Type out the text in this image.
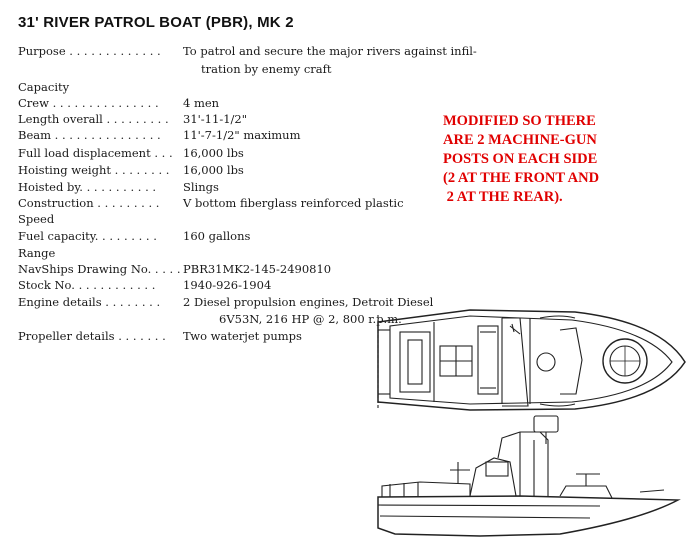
31' RIVER PATROL BOAT (PBR), MK 2
Purpose . . . . . . . . . . . . . To patrol and secure the major rivers against infil-
tration by enemy craft
Capacity
Crew . . . . . . . . . . . . . . . 4 men
Length overall . . . . . . . . . 31'-11-1/2"
Beam . . . . . . . . . . . . . . . 11'-7-1/2" maximum
Full load displacement . . . 16,000 lbs
Hoisting weight . . . . . . . . 16,000 lbs
Hoisted by. . . . . . . . . . . Slings
Construction . . . . . . . . . V bottom fiberglass reinforced plastic
Speed
Fuel capacity. . . . . . . . . 160 gallons
Range
NavShips Drawing No. . . . . PBR31MK2-145-2490810
Stock No. . . . . . . . . . . . 1940-926-1904
Engine details . . . . . . . . 2 Diesel propulsion engines, Detroit Diesel
6V53N, 216 HP @ 2, 800 r.p.m.
Propeller details . . . . . . . Two waterjet pumps
MODIFIED SO THERE
ARE 2 MACHINE-GUN
POSTS ON EACH SIDE
(2 AT THE FRONT AND
2 AT THE REAR).
